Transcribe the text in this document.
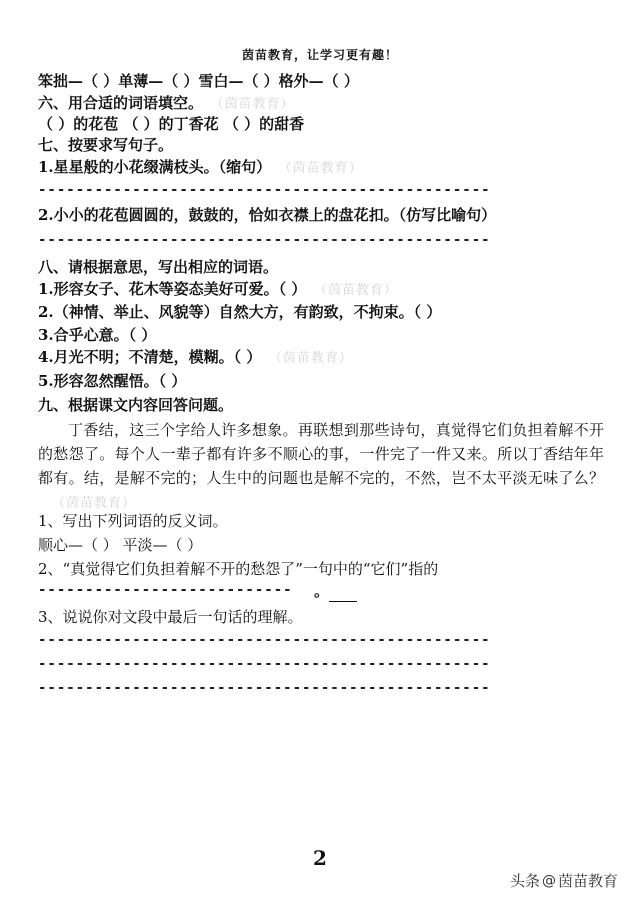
茵苗教育，让学习更有趣！
笨拙—（ ）单薄—（ ）雪白—（ ）格外—（ ）
六、用合适的词语填空。 （茵苗教育）
（ ）的花苞 （ ）的丁香花 （ ）的甜香
七、按要求写句子。
1.星星般的小花缀满枝头。（缩句） （茵苗教育）
------------------------------------------------
2.小小的花苞圆圆的，鼓鼓的，恰如衣襟上的盘花扣。（仿写比喻句）
------------------------------------------------
八、请根据意思，写出相应的词语。
1.形容女子、花木等姿态美好可爱。（ ） （茵苗教育）
2.（神情、举止、风貌等）自然大方，有韵致，不拘束。（ ）
3.合乎心意。（ ）
4.月光不明；不清楚，模糊。（ ） （茵苗教育）
5.形容忽然醒悟。（ ）
九、根据课文内容回答问题。
丁香结，这三个字给人许多想象。再联想到那些诗句，真觉得它们负担着解不开的愁怨了。每个人一辈子都有许多不顺心的事，一件完了一件又来。所以丁香结年年都有。结，是解不完的；人生中的问题也是解不完的，不然，岂不太平淡无味了么？（茵苗教育）
1、写出下列词语的反义词。
顺心—（ ） 平淡—（ ）
2、“真觉得它们负担着解不开的愁怨了”一句中的“它们”指的
---------------------------	。
3、说说你对文段中最后一句话的理解。
------------------------------------------------
------------------------------------------------
------------------------------------------------
2
头条 @ 茵苗教育
